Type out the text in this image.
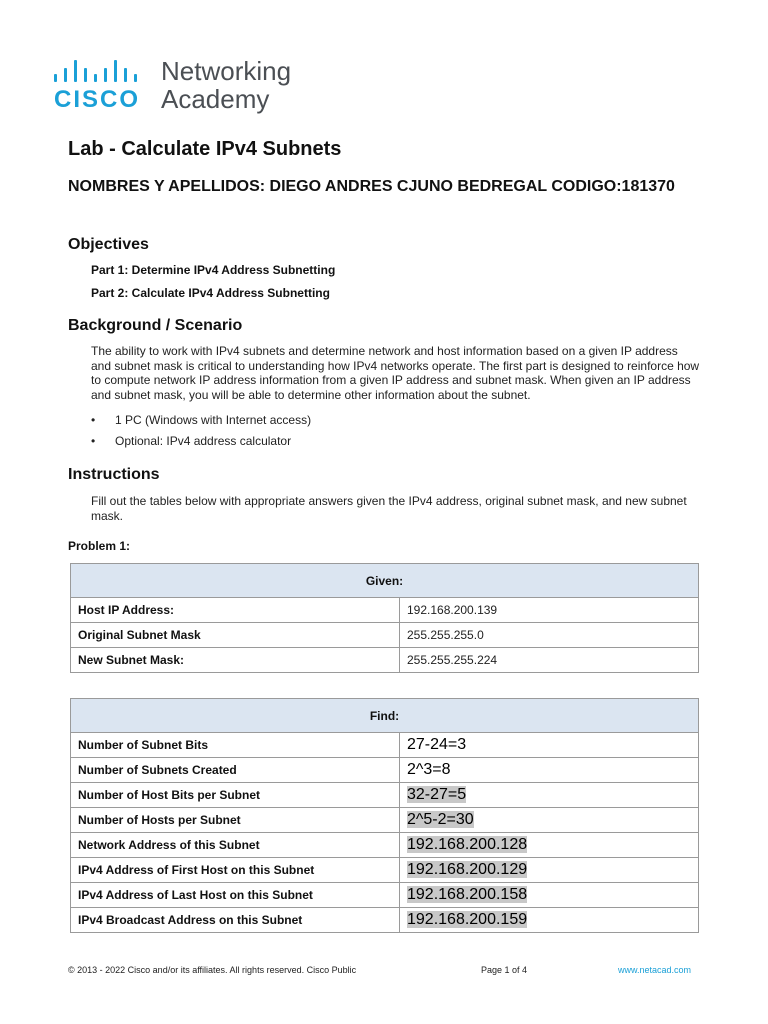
CISCO
Networking
Academy
Lab - Calculate IPv4 Subnets
NOMBRES Y APELLIDOS: DIEGO ANDRES CJUNO BEDREGAL CODIGO:181370
Objectives
Part 1: Determine IPv4 Address Subnetting
Part 2: Calculate IPv4 Address Subnetting
Background / Scenario
The ability to work with IPv4 subnets and determine network and host information based on a given IP address and subnet mask is critical to understanding how IPv4 networks operate. The first part is designed to reinforce how to compute network IP address information from a given IP address and subnet mask. When given an IP address and subnet mask, you will be able to determine other information about the subnet.
• 1 PC (Windows with Internet access)
• Optional: IPv4 address calculator
Instructions
Fill out the tables below with appropriate answers given the IPv4 address, original subnet mask, and new subnet mask.
Problem 1:
Given:	
Host IP Address:	192.168.200.139
Original Subnet Mask	255.255.255.0
New Subnet Mask:	255.255.255.224
Find:	
Number of Subnet Bits	27-24=3
Number of Subnets Created	2^3=8
Number of Host Bits per Subnet	32-27=5
Number of Hosts per Subnet	2^5-2=30
Network Address of this Subnet	192.168.200.128
IPv4 Address of First Host on this Subnet	192.168.200.129
IPv4 Address of Last Host on this Subnet	192.168.200.158
IPv4 Broadcast Address on this Subnet	192.168.200.159
© 2013 - 2022 Cisco and/or its affiliates. All rights reserved. Cisco Public	Page 1 of 4	www.netacad.com
